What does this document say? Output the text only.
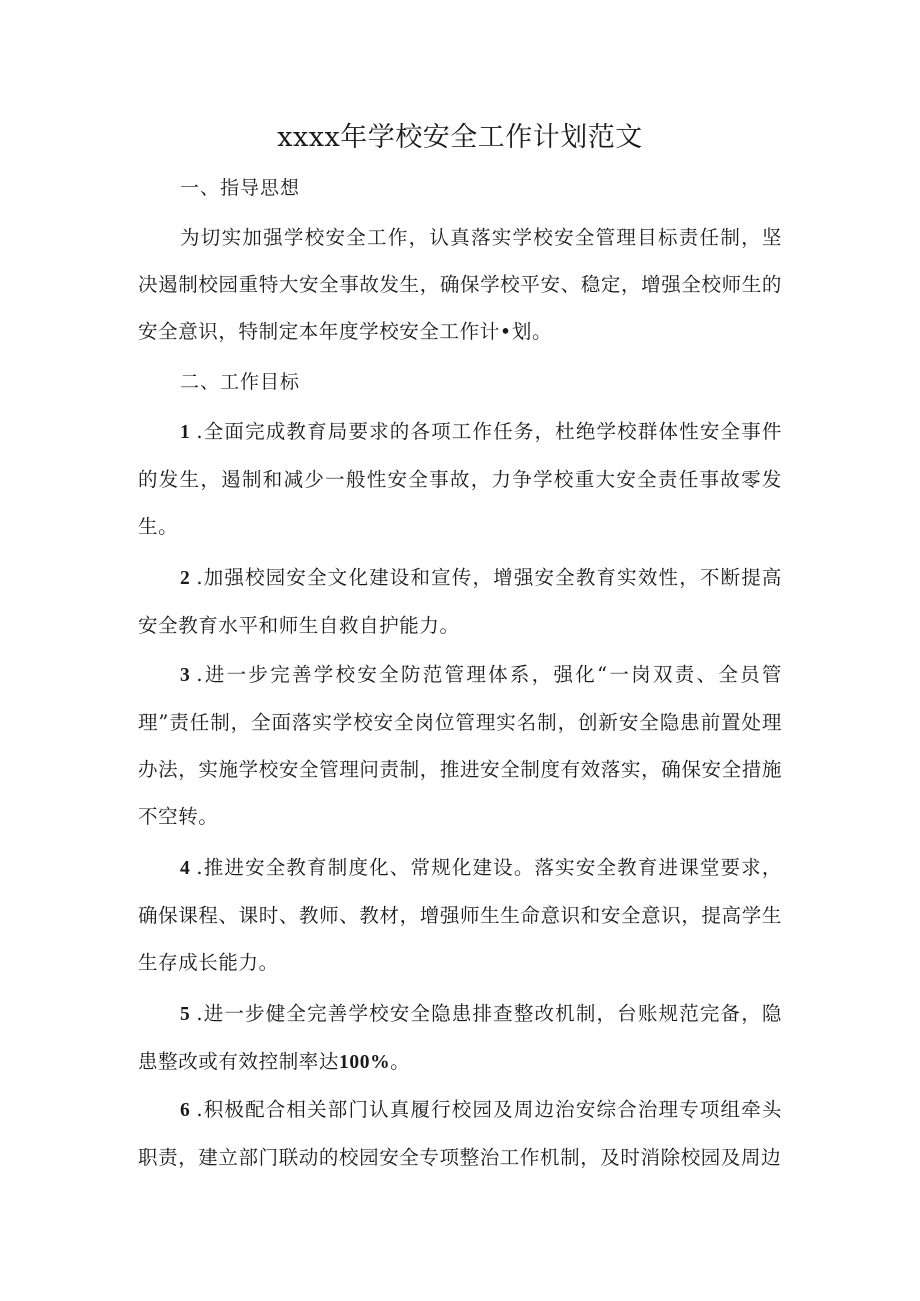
xxxx年学校安全工作计划范文
一、指导思想
为切实加强学校安全工作，认真落实学校安全管理目标责任制，坚决遏制校园重特大安全事故发生，确保学校平安、稳定，增强全校师生的安全意识，特制定本年度学校安全工作计•划。
二、工作目标
1 .全面完成教育局要求的各项工作任务，杜绝学校群体性安全事件的发生，遏制和减少一般性安全事故，力争学校重大安全责任事故零发生。
2 .加强校园安全文化建设和宣传，增强安全教育实效性，不断提高安全教育水平和师生自救自护能力。
3 .进一步完善学校安全防范管理体系，强化“一岗双责、全员管理”责任制，全面落实学校安全岗位管理实名制，创新安全隐患前置处理办法，实施学校安全管理问责制，推进安全制度有效落实，确保安全措施不空转。
4 .推进安全教育制度化、常规化建设。落实安全教育进课堂要求，确保课程、课时、教师、教材，增强师生生命意识和安全意识，提高学生生存成长能力。
5 .进一步健全完善学校安全隐患排查整改机制，台账规范完备，隐患整改或有效控制率达100%。
6 .积极配合相关部门认真履行校园及周边治安综合治理专项组牵头职责，建立部门联动的校园安全专项整治工作机制，及时消除校园及周边
